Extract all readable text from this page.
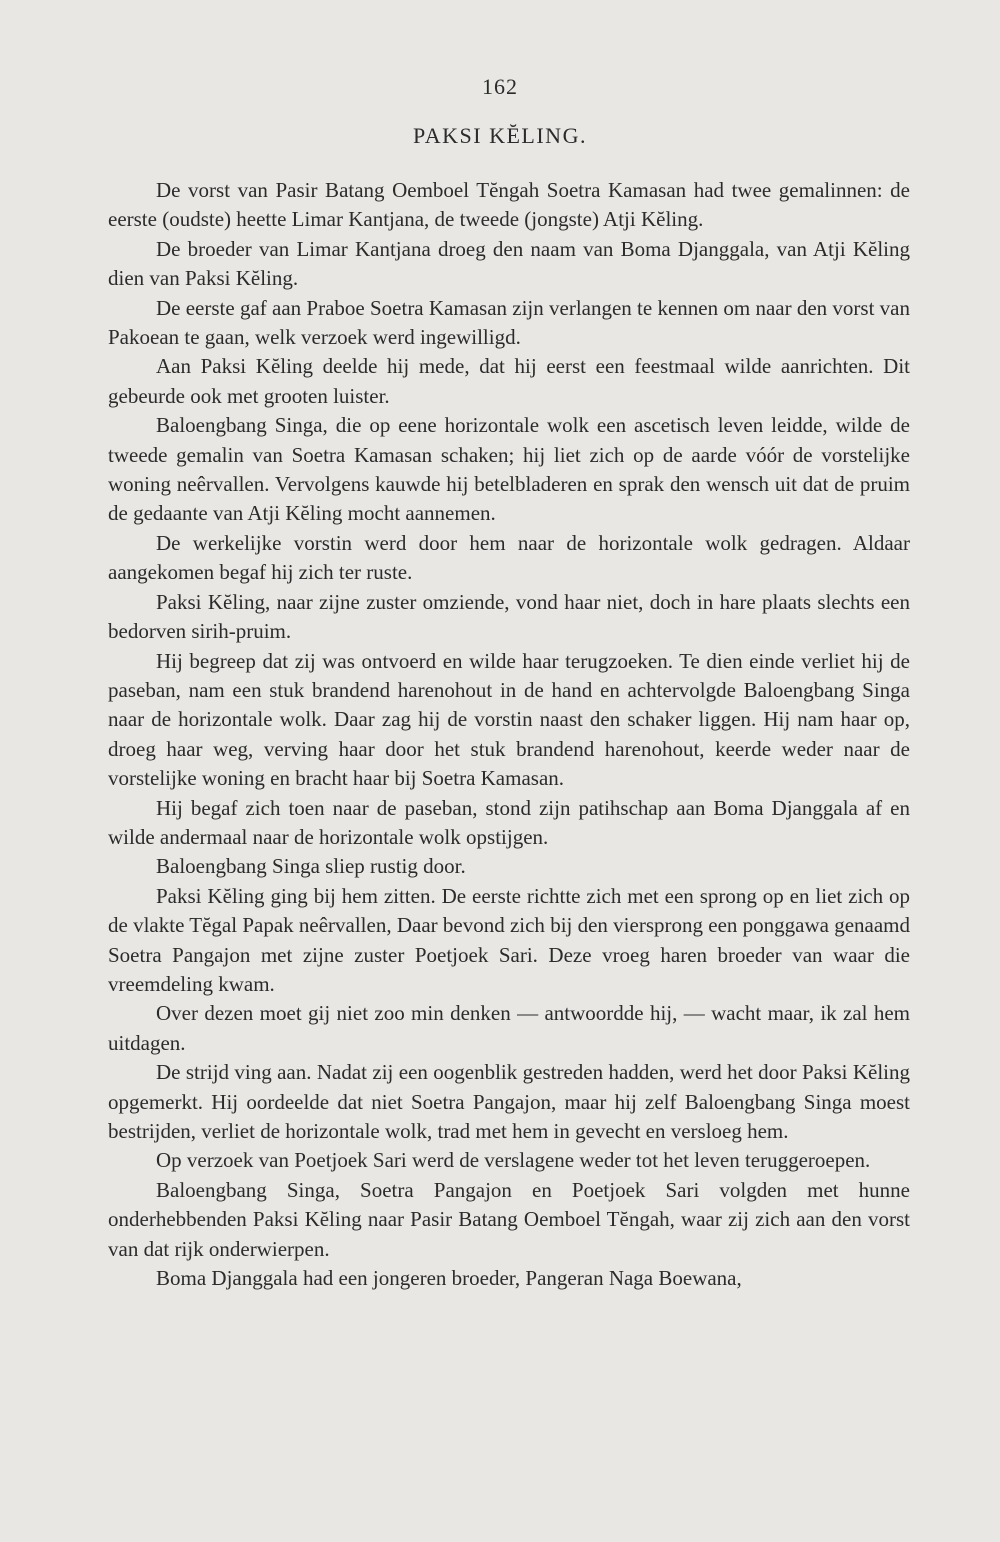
162
PAKSI KĔLING.

De vorst van Pasir Batang Oemboel Tĕngah Soetra Kamasan had twee gemalinnen: de eerste (oudste) heette Limar Kantjana, de tweede (jongste) Atji Kĕling.

De broeder van Limar Kantjana droeg den naam van Boma Djanggala, van Atji Kĕling dien van Paksi Kĕling.

De eerste gaf aan Praboe Soetra Kamasan zijn verlangen te kennen om naar den vorst van Pakoean te gaan, welk verzoek werd ingewilligd.

Aan Paksi Kĕling deelde hij mede, dat hij eerst een feestmaal wilde aanrichten. Dit gebeurde ook met grooten luister.

Baloengbang Singa, die op eene horizontale wolk een ascetisch leven leidde, wilde de tweede gemalin van Soetra Kamasan schaken; hij liet zich op de aarde vóór de vorstelijke woning neêrvallen. Vervolgens kauwde hij betelbladeren en sprak den wensch uit dat de pruim de gedaante van Atji Kĕling mocht aannemen.

De werkelijke vorstin werd door hem naar de horizontale wolk gedragen. Aldaar aangekomen begaf hij zich ter ruste.

Paksi Kĕling, naar zijne zuster omziende, vond haar niet, doch in hare plaats slechts een bedorven sirih-pruim.

Hij begreep dat zij was ontvoerd en wilde haar terugzoeken. Te dien einde verliet hij de paseban, nam een stuk brandend harenohout in de hand en achtervolgde Baloengbang Singa naar de horizontale wolk. Daar zag hij de vorstin naast den schaker liggen. Hij nam haar op, droeg haar weg, verving haar door het stuk brandend harenohout, keerde weder naar de vorstelijke woning en bracht haar bij Soetra Kamasan.

Hij begaf zich toen naar de paseban, stond zijn patihschap aan Boma Djanggala af en wilde andermaal naar de horizontale wolk opstijgen.

Baloengbang Singa sliep rustig door.

Paksi Kĕling ging bij hem zitten. De eerste richtte zich met een sprong op en liet zich op de vlakte Tĕgal Papak neêrvallen, Daar bevond zich bij den viersprong een ponggawa genaamd Soetra Pangajon met zijne zuster Poetjoek Sari. Deze vroeg haren broeder van waar die vreemdeling kwam.

Over dezen moet gij niet zoo min denken — antwoordde hij, — wacht maar, ik zal hem uitdagen.

De strijd ving aan. Nadat zij een oogenblik gestreden hadden, werd het door Paksi Kĕling opgemerkt. Hij oordeelde dat niet Soetra Pangajon, maar hij zelf Baloengbang Singa moest bestrijden, verliet de horizontale wolk, trad met hem in gevecht en versloeg hem.

Op verzoek van Poetjoek Sari werd de verslagene weder tot het leven teruggeroepen.

Baloengbang Singa, Soetra Pangajon en Poetjoek Sari volgden met hunne onderhebbenden Paksi Kĕling naar Pasir Batang Oemboel Tĕngah, waar zij zich aan den vorst van dat rijk onderwierpen.

Boma Djanggala had een jongeren broeder, Pangeran Naga Boewana,
